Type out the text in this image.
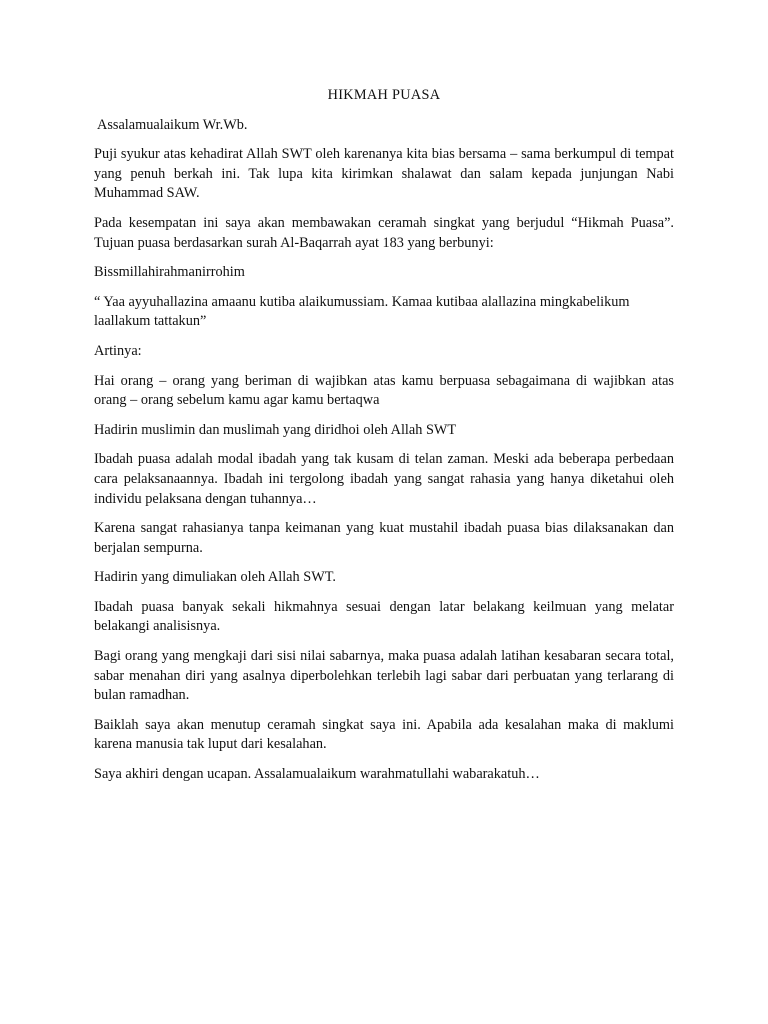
HIKMAH PUASA
Assalamualaikum Wr.Wb.

Puji syukur atas kehadirat Allah SWT oleh karenanya kita bias bersama – sama berkumpul di tempat yang penuh berkah ini. Tak lupa kita kirimkan shalawat dan salam kepada junjungan Nabi Muhammad SAW.

Pada kesempatan ini saya akan membawakan ceramah singkat yang berjudul “Hikmah Puasa”. Tujuan puasa berdasarkan surah Al-Baqarrah ayat 183 yang berbunyi:

Bissmillahirahmanirrohim

“ Yaa ayyuhallazina amaanu kutiba alaikumussiam. Kamaa kutibaa alallazina mingkabelikum laallakum tattakun”

Artinya:

Hai orang – orang yang beriman di wajibkan atas kamu berpuasa sebagaimana di wajibkan atas orang – orang sebelum kamu agar kamu bertaqwa

Hadirin muslimin dan muslimah yang diridhoi oleh Allah SWT

Ibadah puasa adalah modal ibadah yang tak kusam di telan zaman. Meski ada beberapa perbedaan cara pelaksanaannya. Ibadah ini tergolong ibadah yang sangat rahasia yang hanya diketahui oleh individu pelaksana dengan tuhannya…

Karena sangat rahasianya tanpa keimanan yang kuat mustahil ibadah puasa bias dilaksanakan dan berjalan sempurna.

Hadirin yang dimuliakan oleh Allah SWT.

Ibadah puasa banyak sekali hikmahnya sesuai dengan latar belakang keilmuan yang melatar belakangi analisisnya.

Bagi orang yang mengkaji dari sisi nilai sabarnya, maka puasa adalah latihan kesabaran secara total, sabar menahan diri yang asalnya diperbolehkan terlebih lagi sabar dari perbuatan yang terlarang di bulan ramadhan.

Baiklah saya akan menutup ceramah singkat saya ini. Apabila ada kesalahan maka di maklumi karena manusia tak luput dari kesalahan.

Saya akhiri dengan ucapan. Assalamualaikum warahmatullahi wabarakatuh…
